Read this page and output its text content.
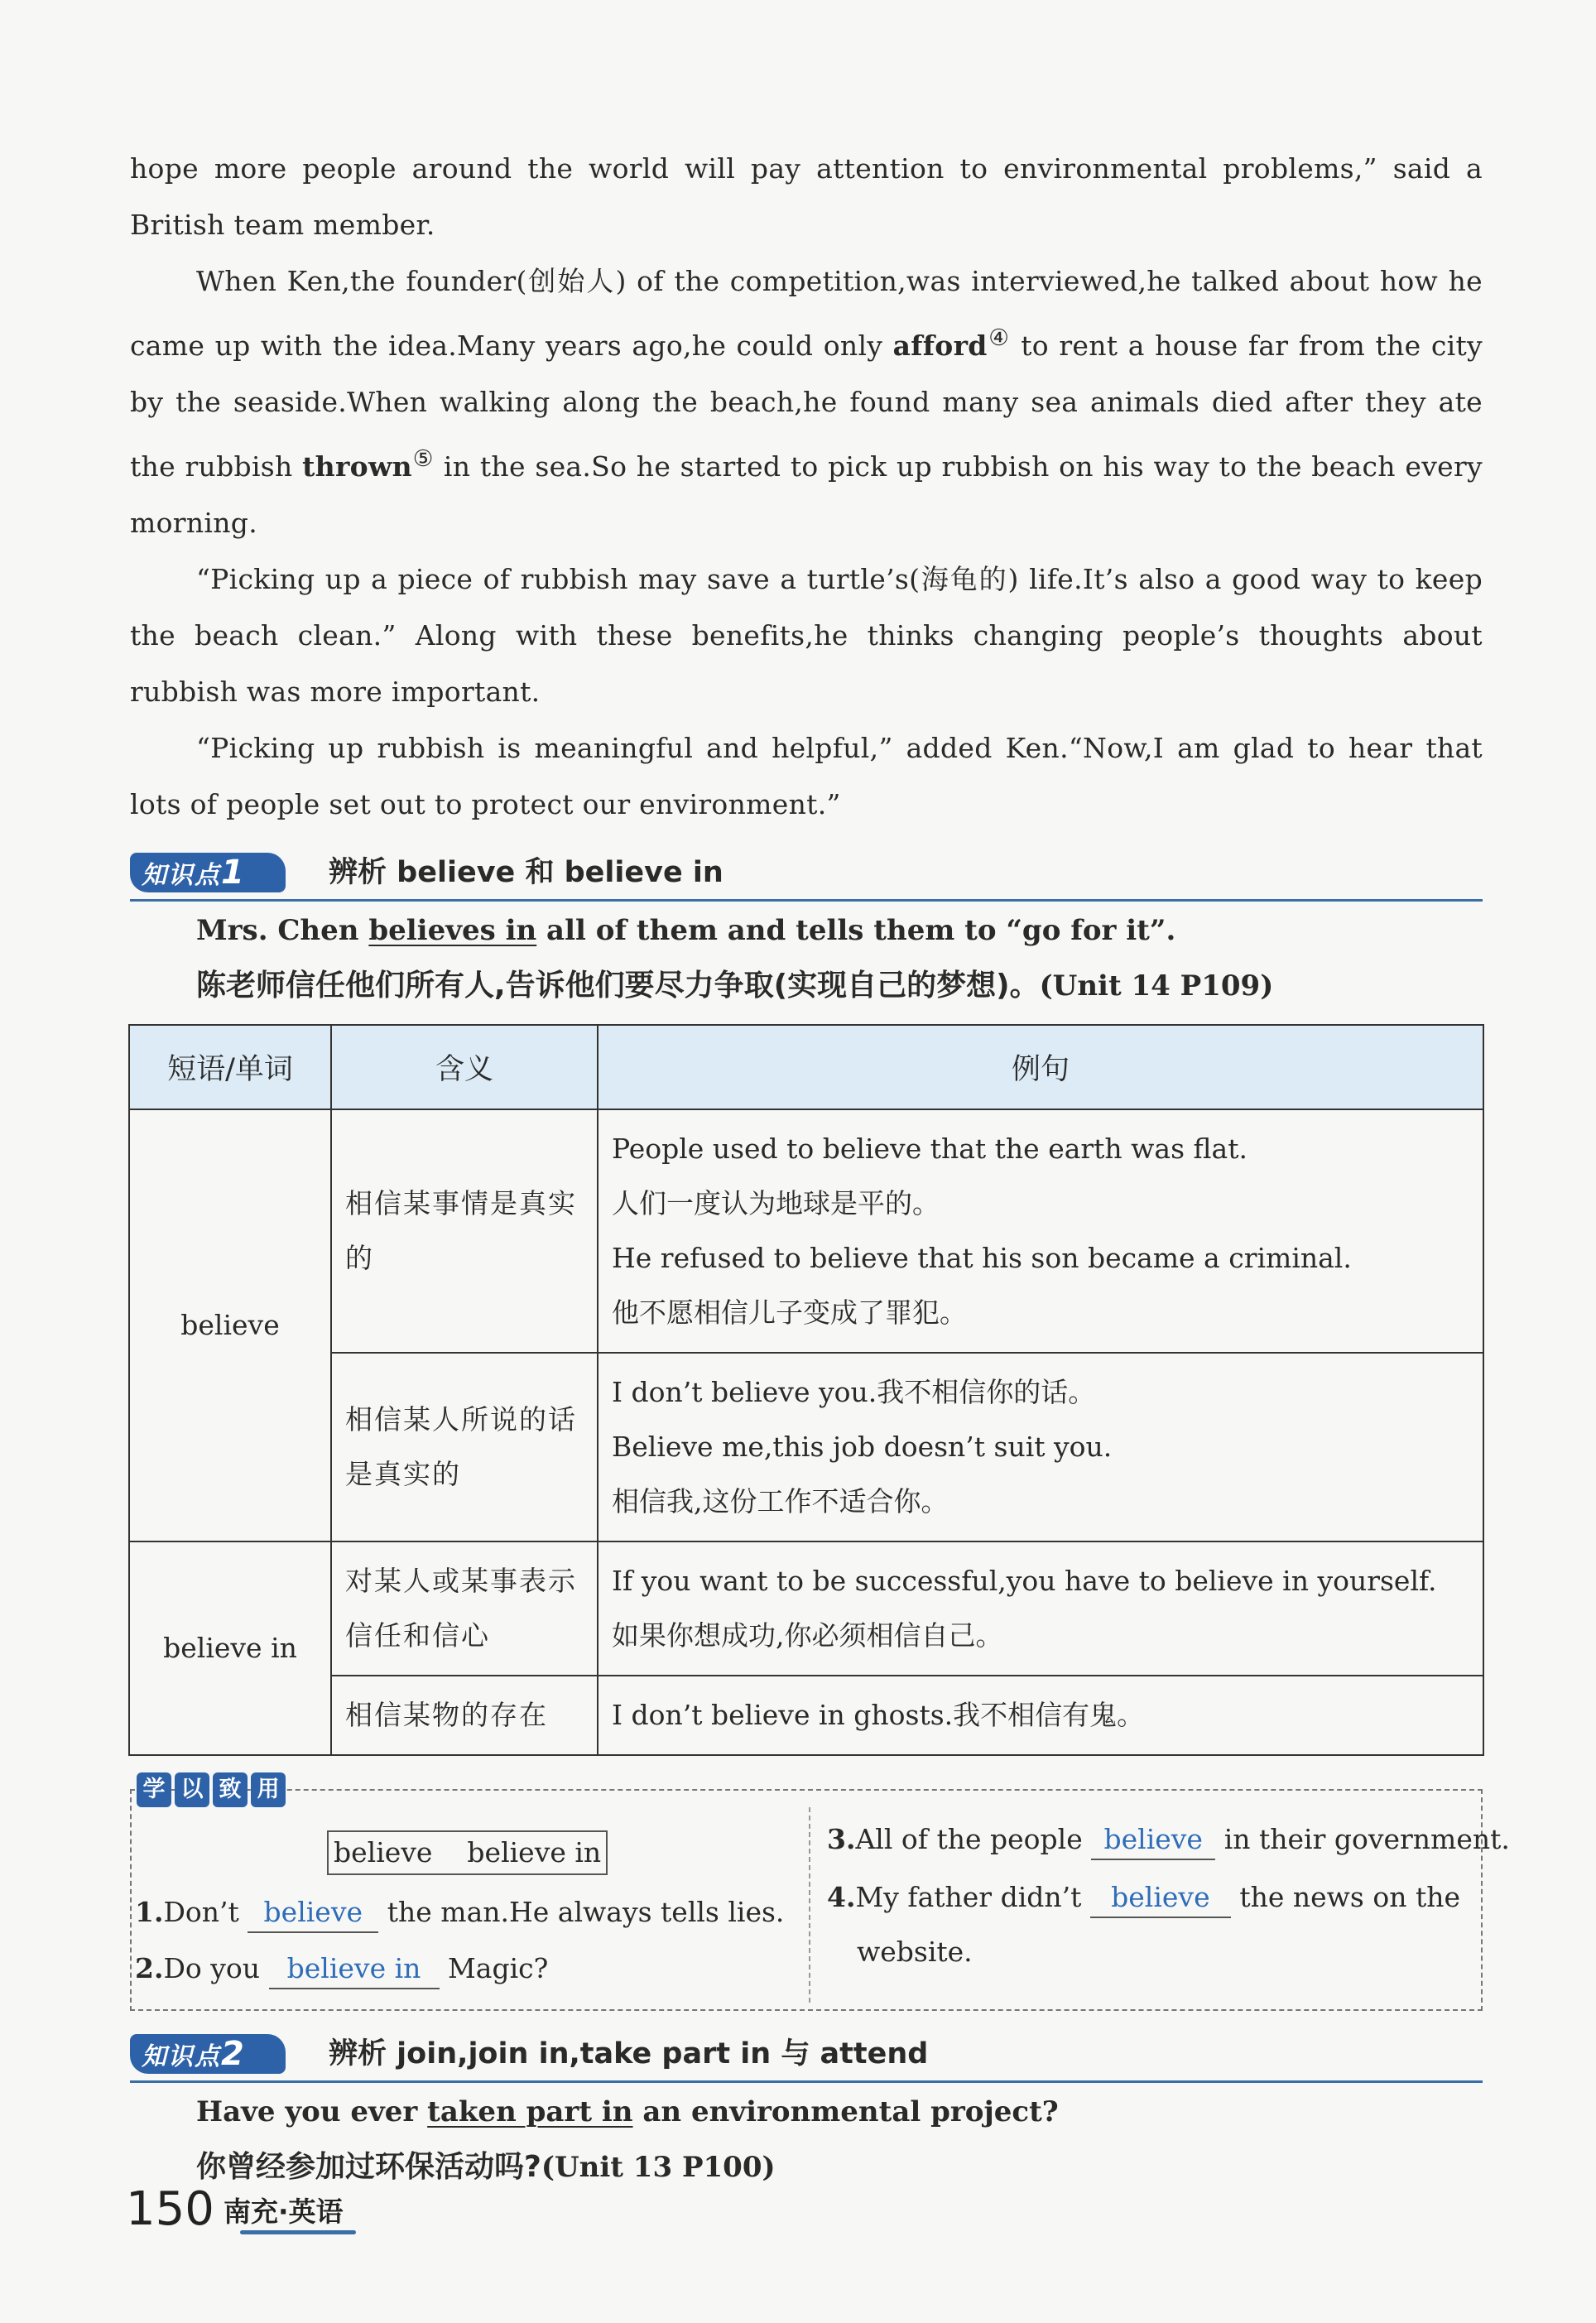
hope more people around the world will pay attention to environmental problems,” said a British team member.

When Ken,the founder(创始人) of the competition,was interviewed,he talked about how he came up with the idea.Many years ago,he could only afford④ to rent a house far from the city by the seaside.When walking along the beach,he found many sea animals died after they ate the rubbish thrown⑤ in the sea.So he started to pick up rubbish on his way to the beach every morning.

“Picking up a piece of rubbish may save a turtle’s(海龟的) life.It’s also a good way to keep the beach clean.” Along with these benefits,he thinks changing people’s thoughts about rubbish was more important.

“Picking up rubbish is meaningful and helpful,” added Ken.“Now,I am glad to hear that lots of people set out to protect our environment.”

知识点1	辨析 believe 和 believe in

Mrs. Chen believes in all of them and tells them to “go for it”.

陈老师信任他们所有人,告诉他们要尽力争取(实现自己的梦想)。(Unit 14 P109)

短语/单词	含义	例句
believe	相信某事情是真实的	People used to believe that the earth was flat.
人们一度认为地球是平的。
He refused to believe that his son became a criminal.
他不愿相信儿子变成了罪犯。

	相信某人所说的话是真实的	I don’t believe you.我不相信你的话。
Believe me,this job doesn’t suit you.
相信我,这份工作不适合你。

believe in	对某人或某事表示信任和信心	If you want to be successful,you have to believe in yourself.
如果你想成功,你必须相信自己。

	相信某物的存在	I don’t believe in ghosts.我不相信有鬼。
学 以 致 用
believe    believe in
1.Don’t believe the man.He always tells lies.
2.Do you believe in Magic?
3.All of the people believe in their government.
4.My father didn’t believe the news on the
website.
知识点2	辨析 join,join in,take part in 与 attend

Have you ever taken part in an environmental project?

你曾经参加过环保活动吗?(Unit 13 P100)

150 南充·英语
